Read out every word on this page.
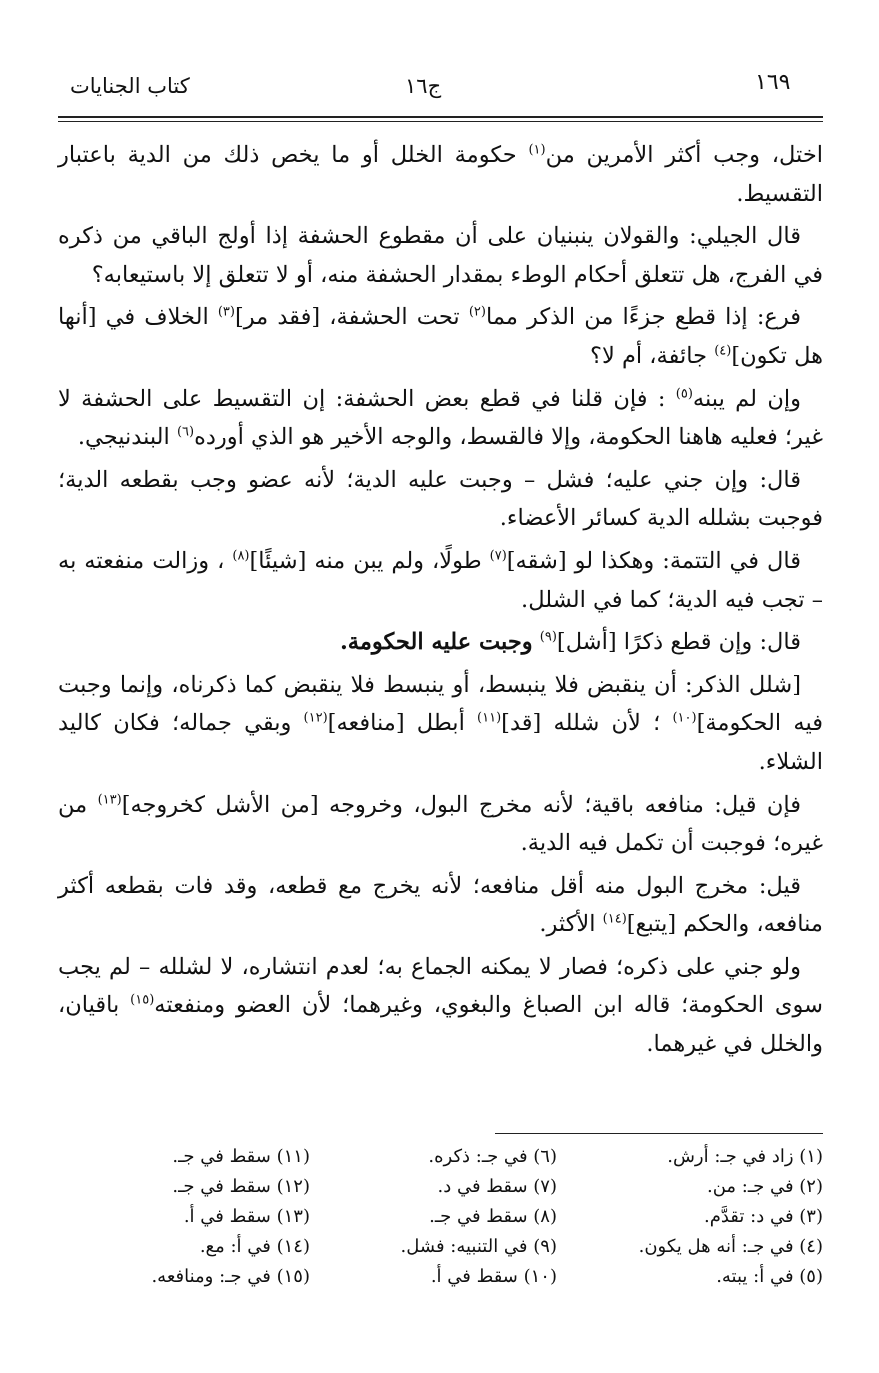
١٦٩
ج١٦
كتاب الجنايات

اختل، وجب أكثر الأمرين من$^{(١)}$ حكومة الخلل أو ما يخص ذلك من الدية باعتبار التقسيط.

قال الجيلي: والقولان ينبنيان على أن مقطوع الحشفة إذا أولج الباقي من ذكره في الفرج، هل تتعلق أحكام الوطء بمقدار الحشفة منه، أو لا تتعلق إلا باستيعابه؟

فرع: إذا قطع جزءًا من الذكر مما$^{(٢)}$ تحت الحشفة، [فقد مر]$^{(٣)}$ الخلاف في [أنها هل تكون]$^{(٤)}$ جائفة، أم لا؟

وإن لم يبنه$^{(٥)}$ : فإن قلنا في قطع بعض الحشفة: إن التقسيط على الحشفة لا غير؛ فعليه هاهنا الحكومة، وإلا فالقسط، والوجه الأخير هو الذي أورده$^{(٦)}$ البندنيجي.

قال: وإن جني عليه؛ فشل – وجبت عليه الدية؛ لأنه عضو وجب بقطعه الدية؛ فوجبت بشلله الدية كسائر الأعضاء.

قال في التتمة: وهكذا لو [شقه]$^{(٧)}$ طولًا، ولم يبن منه [شيئًا]$^{(٨)}$ ، وزالت منفعته به – تجب فيه الدية؛ كما في الشلل.

قال: وإن قطع ذكرًا [أشل]$^{(٩)}$ وجبت عليه الحكومة.

[شلل الذكر: أن ينقبض فلا ينبسط، أو ينبسط فلا ينقبض كما ذكرناه، وإنما وجبت فيه الحكومة]$^{(١٠)}$ ؛ لأن شلله [قد]$^{(١١)}$ أبطل [منافعه]$^{(١٢)}$ وبقي جماله؛ فكان كاليد الشلاء.

فإن قيل: منافعه باقية؛ لأنه مخرج البول، وخروجه [من الأشل كخروجه]$^{(١٣)}$ من غيره؛ فوجبت أن تكمل فيه الدية.

قيل: مخرج البول منه أقل منافعه؛ لأنه يخرج مع قطعه، وقد فات بقطعه أكثر منافعه، والحكم [يتبع]$^{(١٤)}$ الأكثر.

ولو جني على ذكره؛ فصار لا يمكنه الجماع به؛ لعدم انتشاره، لا لشلله – لم يجب سوى الحكومة؛ قاله ابن الصباغ والبغوي، وغيرهما؛ لأن العضو ومنفعته$^{(١٥)}$ باقيان، والخلل في غيرهما.

(١) زاد في جـ: أرش.
(٢) في جـ: من.
(٣) في د: تقدَّم.
(٤) في جـ: أنه هل يكون.
(٥) في أ: يبته.
(٦) في جـ: ذكره.
(٧) سقط في د.
(٨) سقط في جـ.
(٩) في التنبيه: فشل.
(١٠) سقط في أ.
(١١) سقط في جـ.
(١٢) سقط في جـ.
(١٣) سقط في أ.
(١٤) في أ: مع.
(١٥) في جـ: ومنافعه.
